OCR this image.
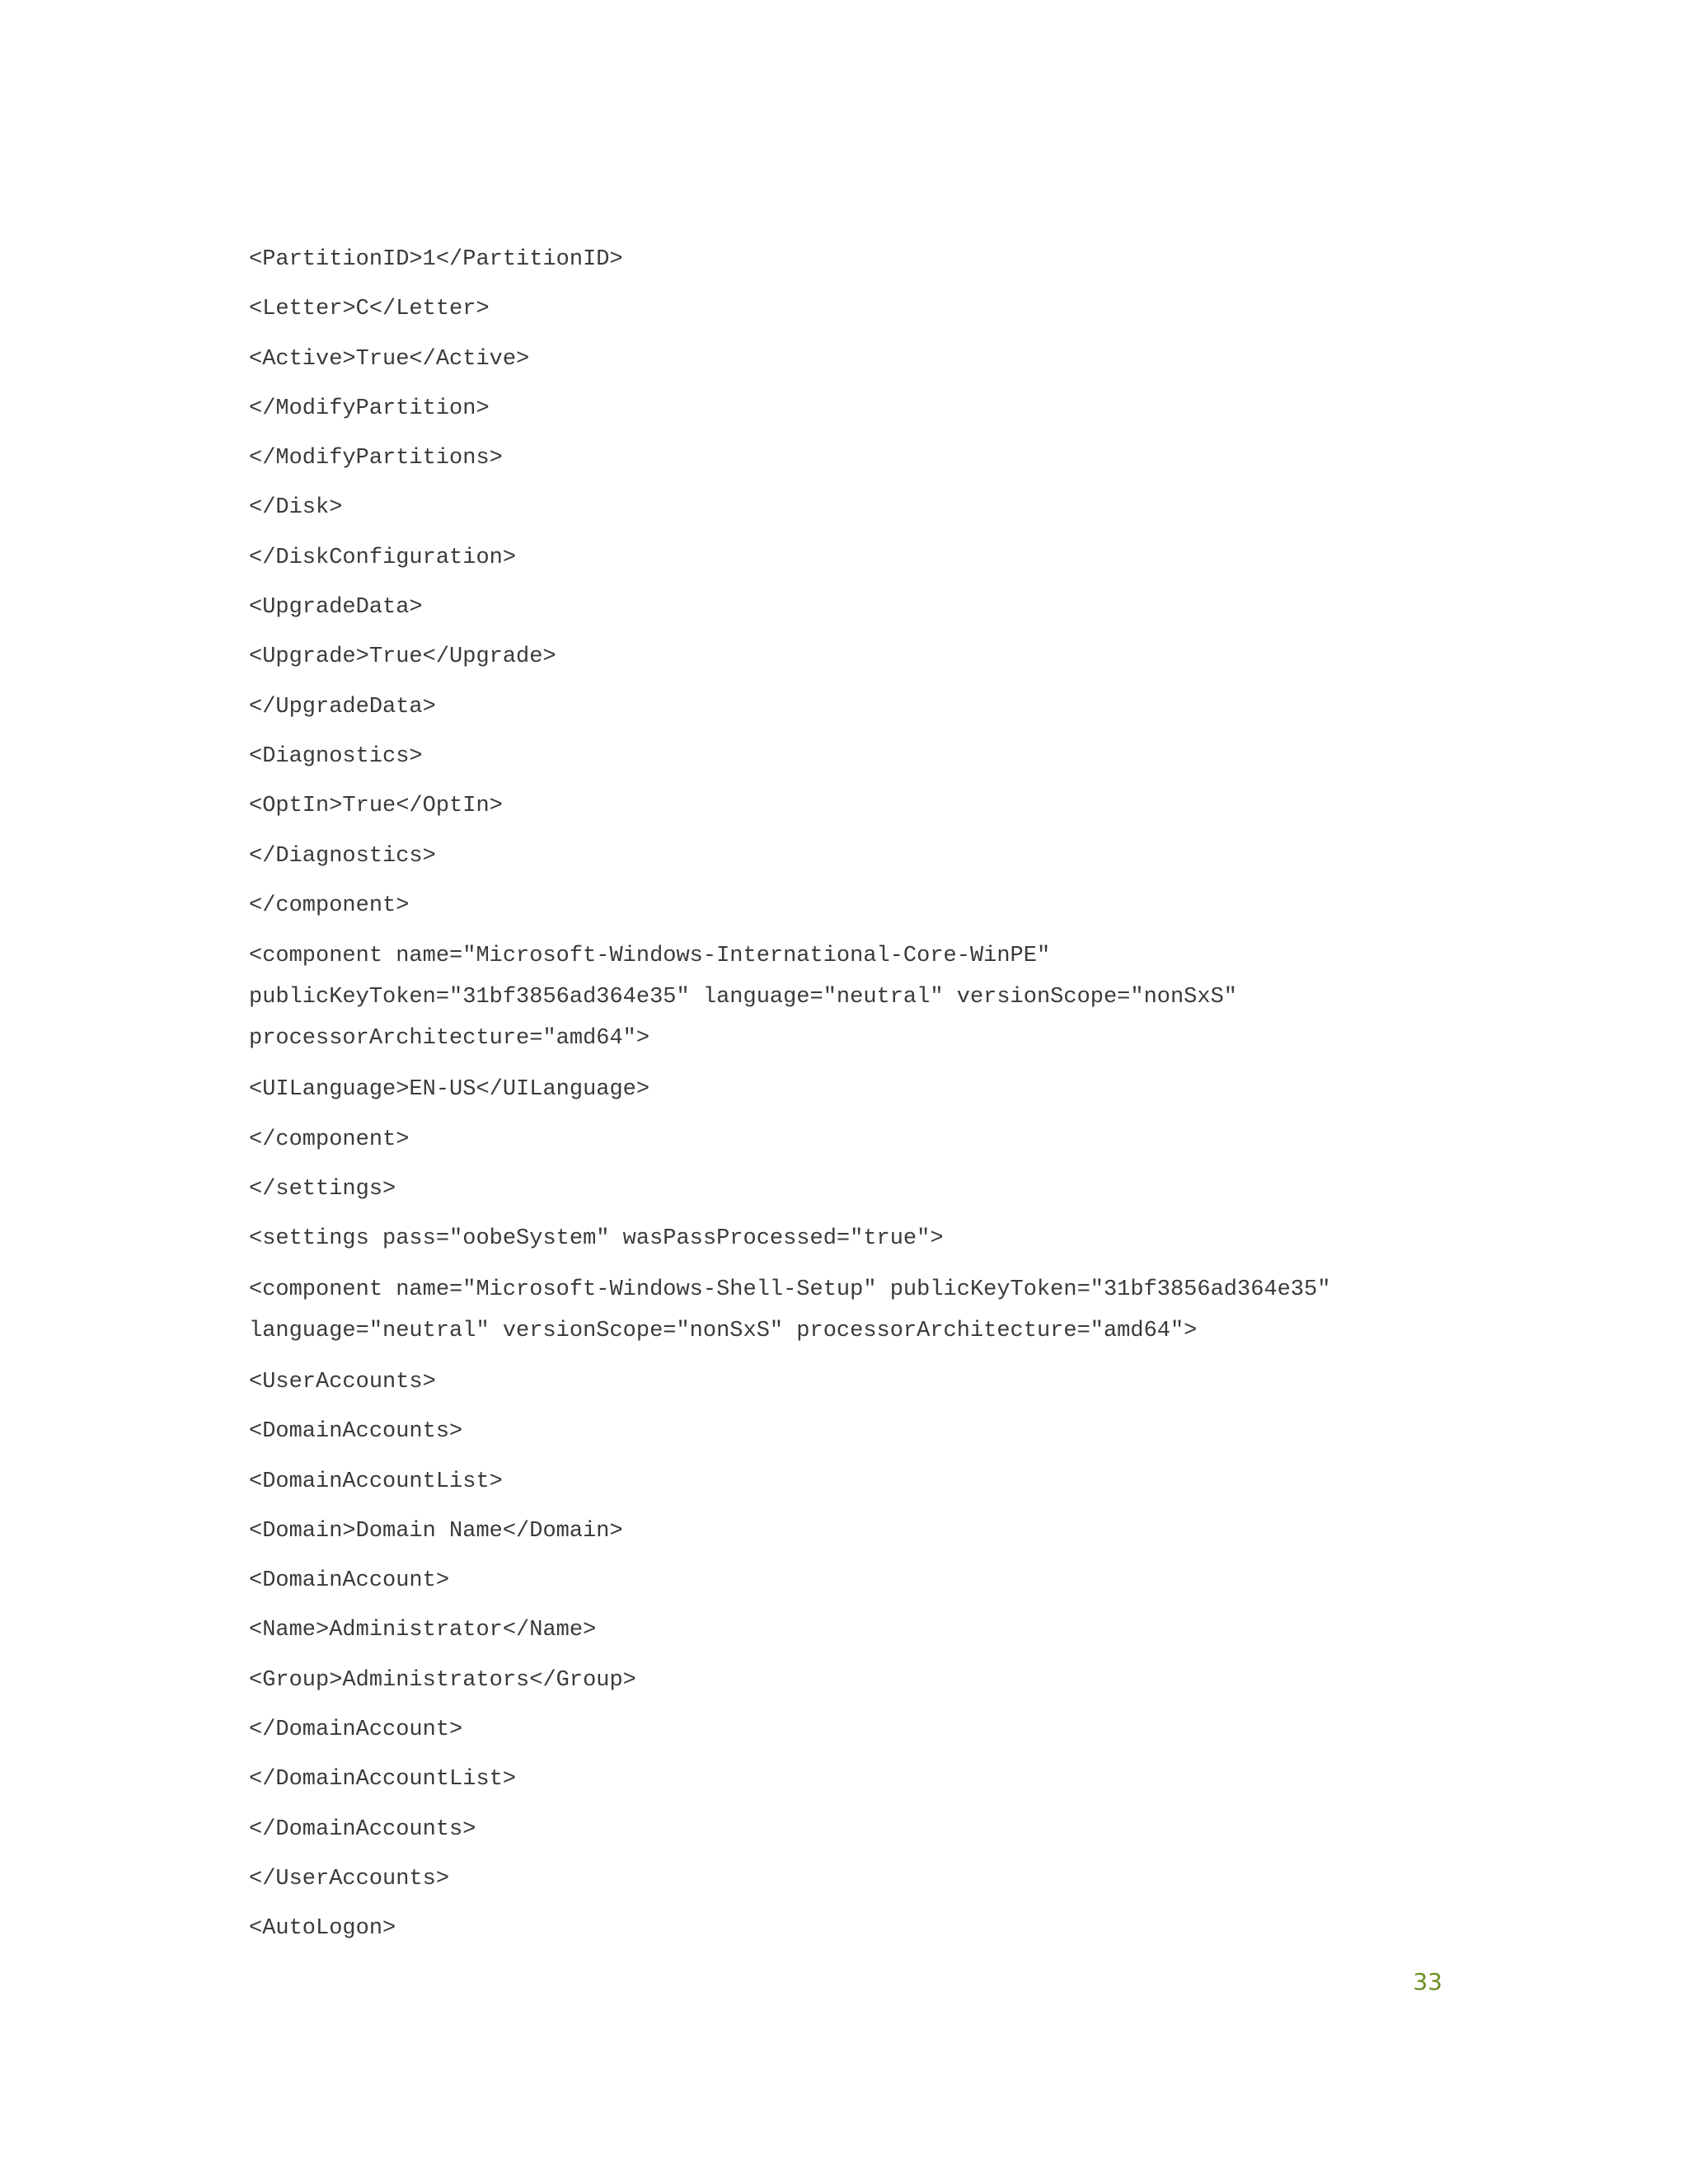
<PartitionID>1</PartitionID>
<Letter>C</Letter>
<Active>True</Active>
</ModifyPartition>
</ModifyPartitions>
</Disk>
</DiskConfiguration>
<UpgradeData>
<Upgrade>True</Upgrade>
</UpgradeData>
<Diagnostics>
<OptIn>True</OptIn>
</Diagnostics>
</component>
<component name="Microsoft-Windows-International-Core-WinPE"
publicKeyToken="31bf3856ad364e35" language="neutral" versionScope="nonSxS"
processorArchitecture="amd64">
<UILanguage>EN-US</UILanguage>
</component>
</settings>
<settings pass="oobeSystem" wasPassProcessed="true">
<component name="Microsoft-Windows-Shell-Setup" publicKeyToken="31bf3856ad364e35"
language="neutral" versionScope="nonSxS" processorArchitecture="amd64">
<UserAccounts>
<DomainAccounts>
<DomainAccountList>
<Domain>Domain Name</Domain>
<DomainAccount>
<Name>Administrator</Name>
<Group>Administrators</Group>
</DomainAccount>
</DomainAccountList>
</DomainAccounts>
</UserAccounts>
<AutoLogon>
33
